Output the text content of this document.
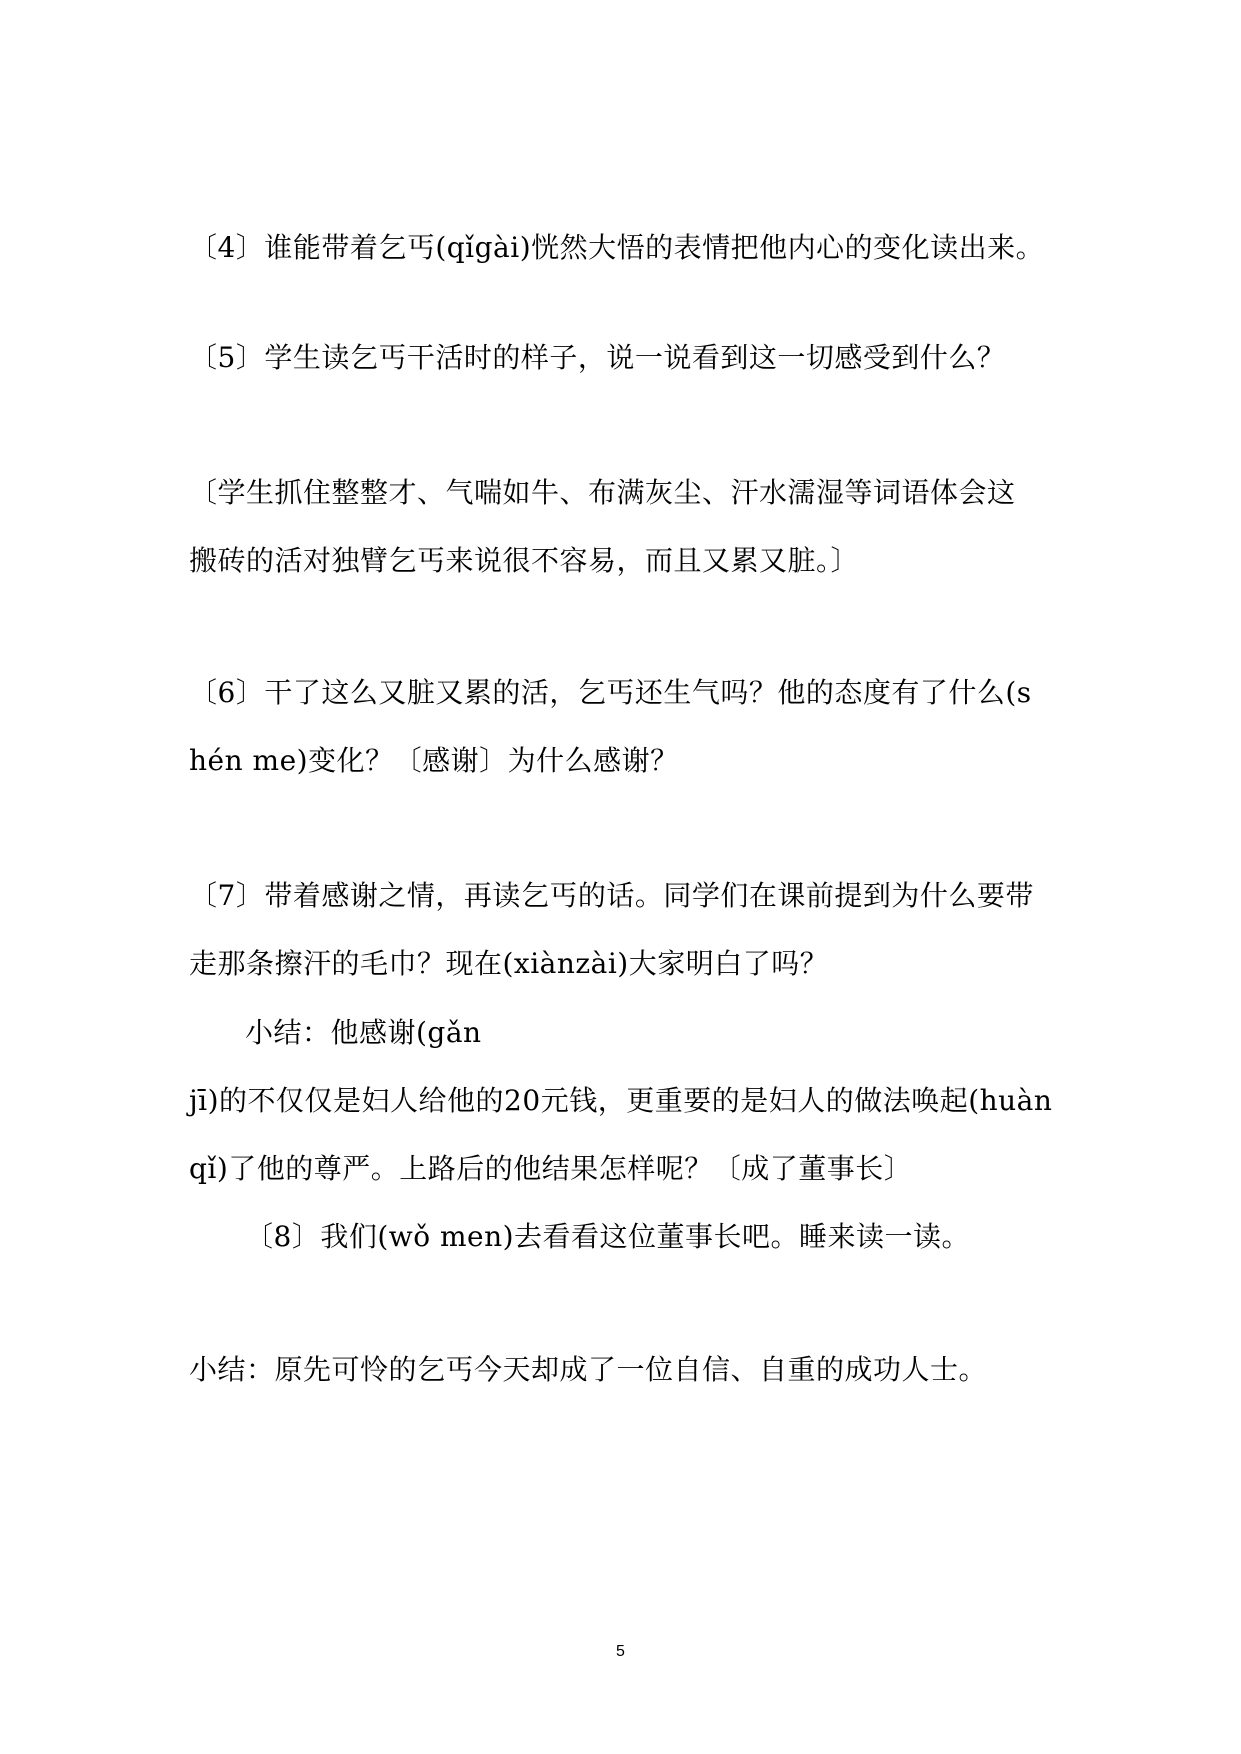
〔4〕谁能带着乞丐(qǐgài)恍然大悟的表情把他内心的变化读出来。
〔5〕学生读乞丐干活时的样子，说一说看到这一切感受到什么？
〔学生抓住整整才、气喘如牛、布满灰尘、汗水濡湿等词语体会这
搬砖的活对独臂乞丐来说很不容易，而且又累又脏。〕
〔6〕干了这么又脏又累的活，乞丐还生气吗？他的态度有了什么(s
hén me)变化？〔感谢〕为什么感谢？
〔7〕带着感谢之情，再读乞丐的话。同学们在课前提到为什么要带
走那条擦汗的毛巾？现在(xiànzài)大家明白了吗？
小结：他感谢(gǎn
jī)的不仅仅是妇人给他的20元钱，更重要的是妇人的做法唤起(huàn
qǐ)了他的尊严。上路后的他结果怎样呢？〔成了董事长〕
〔8〕我们(wǒ men)去看看这位董事长吧。睡来读一读。
小结：原先可怜的乞丐今天却成了一位自信、自重的成功人士。
5
